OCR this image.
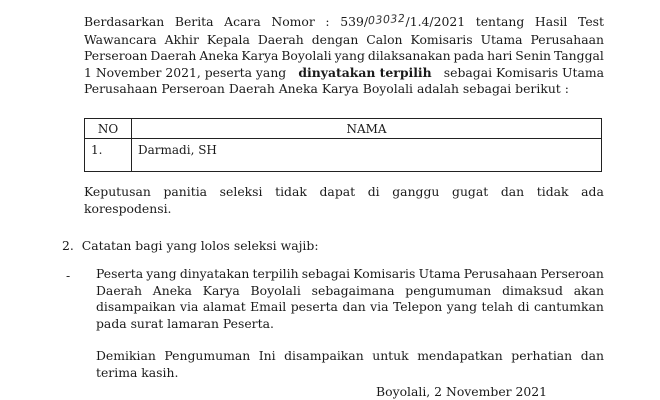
Berdasarkan Berita Acara Nomor : 539/03032/1.4/2021 tentang Hasil Test
Wawancara Akhir Kepala Daerah dengan Calon Komisaris Utama Perusahaan
Perseroan Daerah Aneka Karya Boyolali yang dilaksanakan pada hari Senin Tanggal
1 November 2021, peserta yang dinyatakan terpilih sebagai Komisaris Utama
Perusahaan Perseroan Daerah Aneka Karya Boyolali adalah sebagai berikut :
NO	NAMA
1.	Darmadi, SH
Keputusan panitia seleksi tidak dapat di ganggu gugat dan tidak ada
korespodensi.
2. Catatan bagi yang lolos seleksi wajib:
- Peserta yang dinyatakan terpilih sebagai Komisaris Utama Perusahaan Perseroan
Daerah Aneka Karya Boyolali sebagaimana pengumuman dimaksud akan
disampaikan via alamat Email peserta dan via Telepon yang telah di cantumkan
pada surat lamaran Peserta.
Demikian Pengumuman Ini disampaikan untuk mendapatkan perhatian dan
terima kasih.
Boyolali, 2 November 2021
